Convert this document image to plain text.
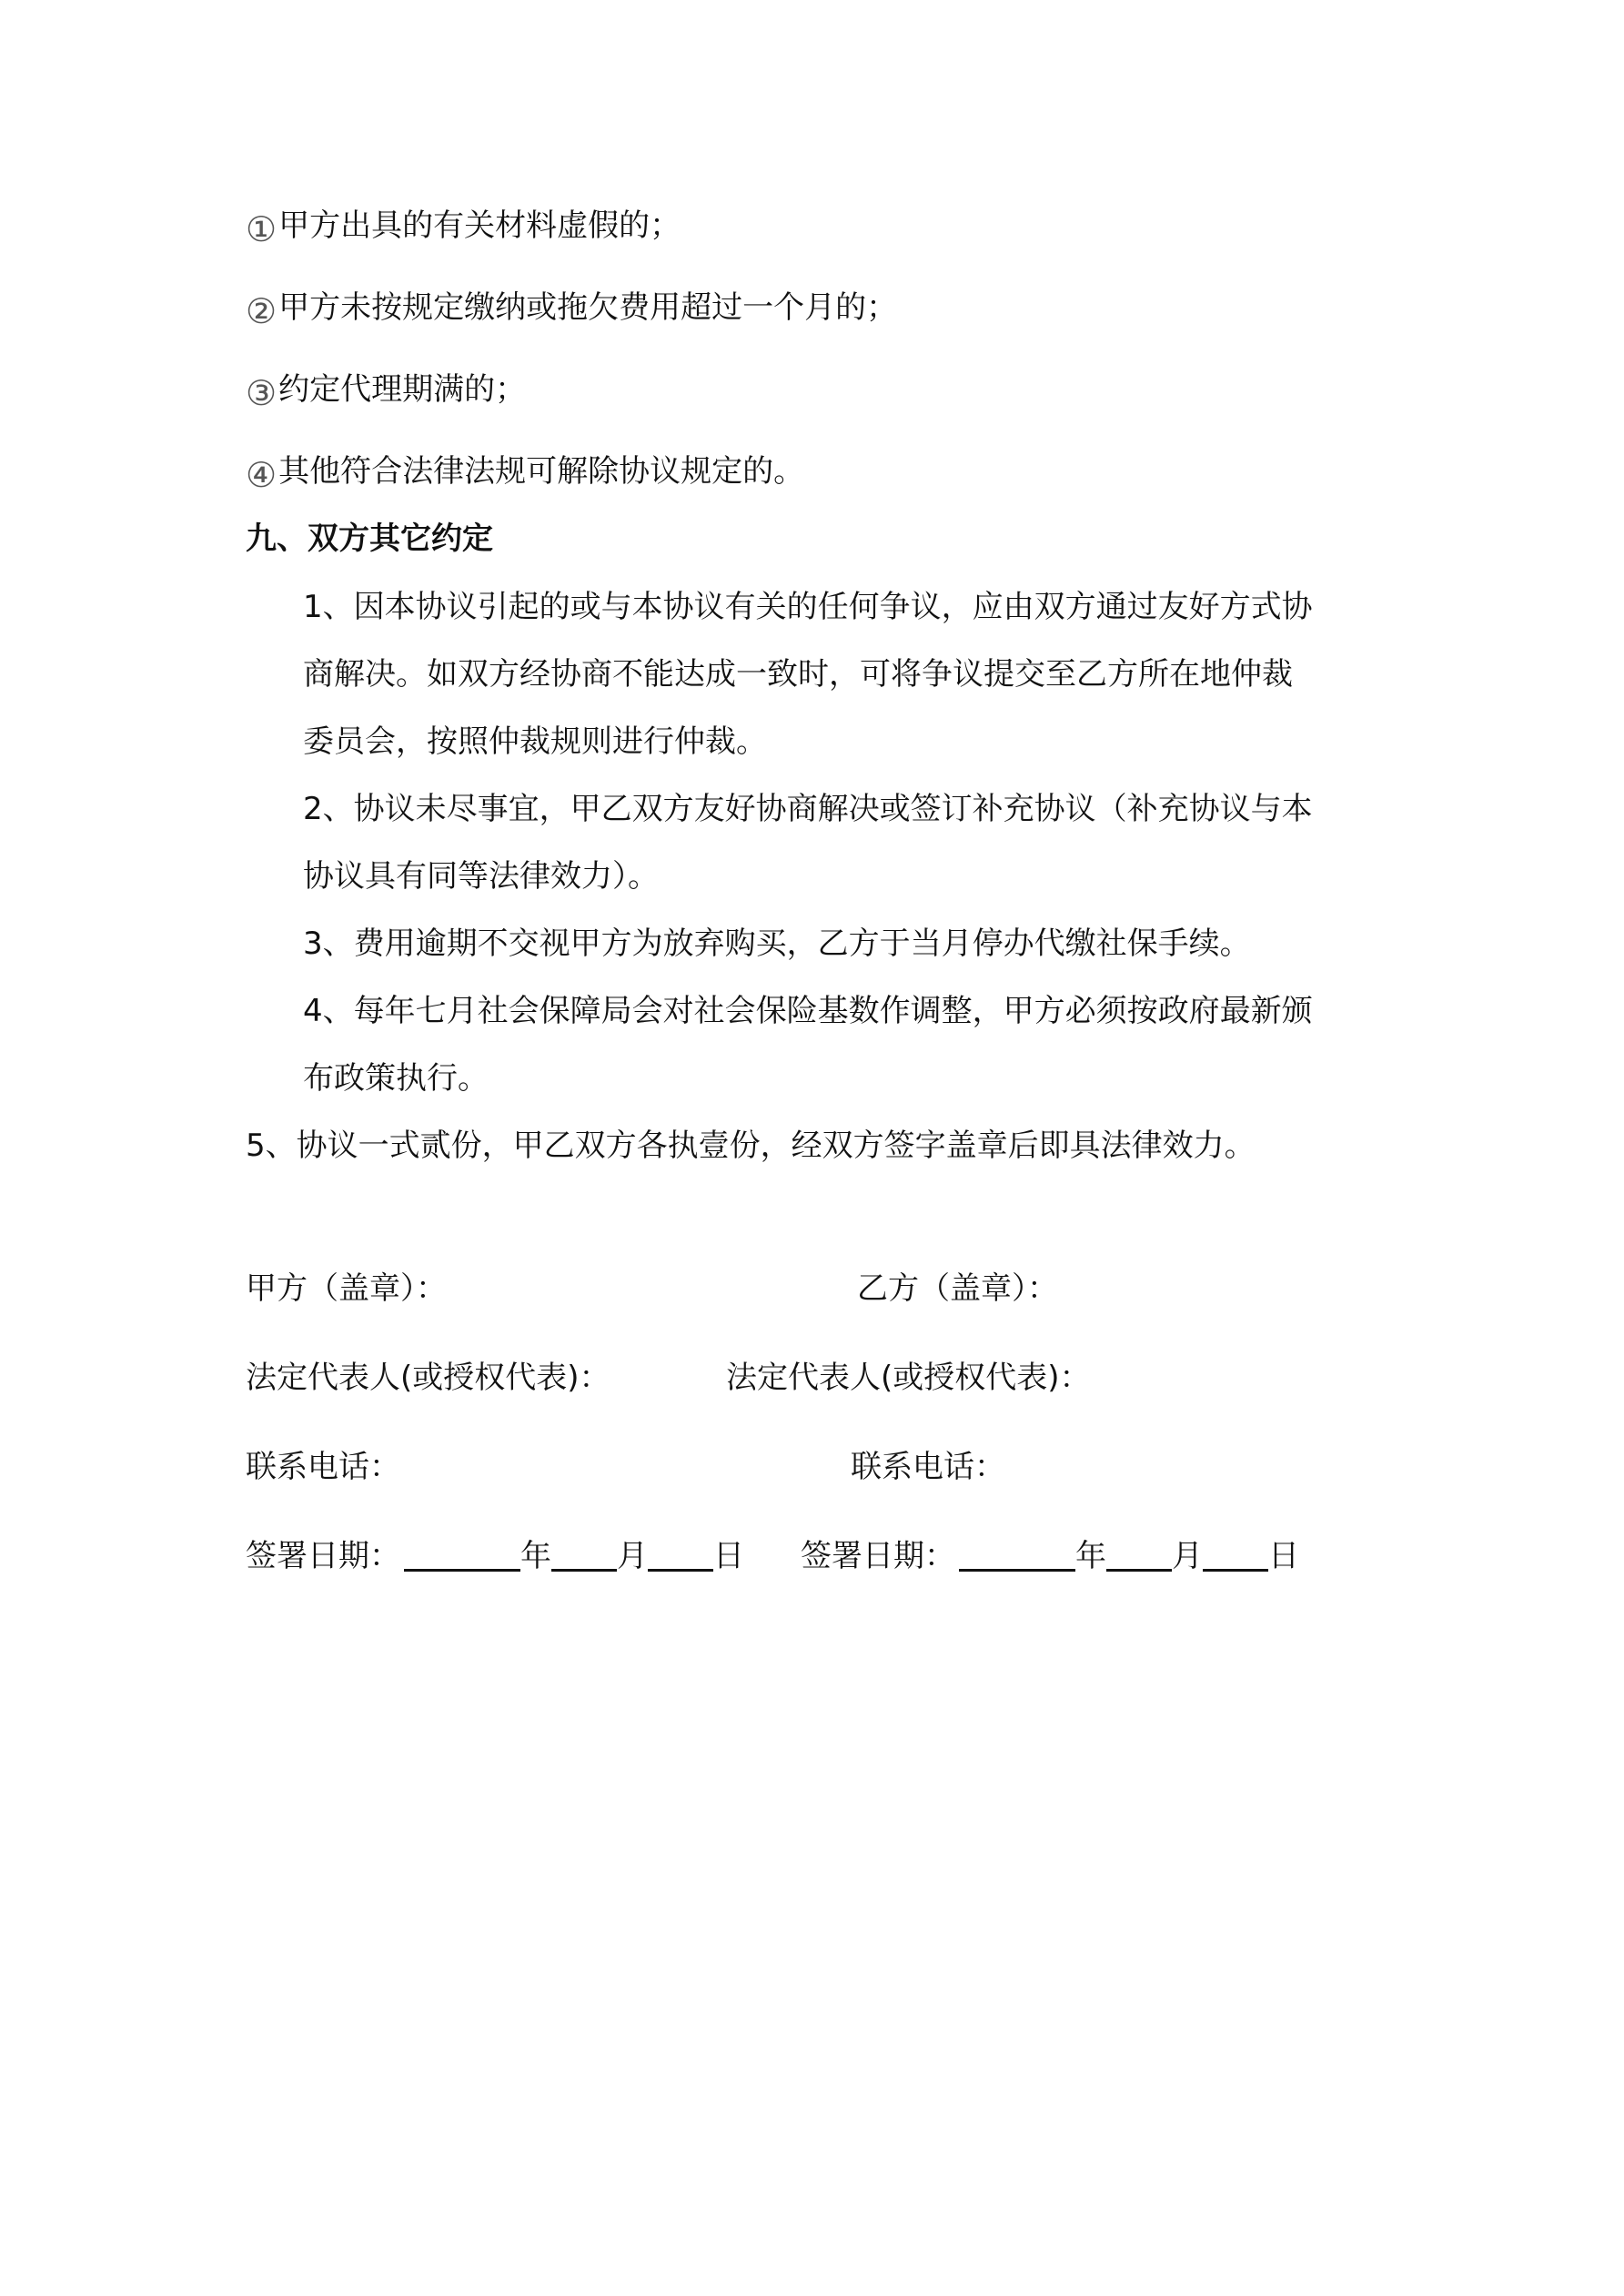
①甲方出具的有关材料虚假的；
②甲方未按规定缴纳或拖欠费用超过一个月的；
③约定代理期满的；
④其他符合法律法规可解除协议规定的。
九、双方其它约定
1、因本协议引起的或与本协议有关的任何争议，应由双方通过友好方式协
商解决。如双方经协商不能达成一致时，可将争议提交至乙方所在地仲裁
委员会，按照仲裁规则进行仲裁。
2、协议未尽事宜，甲乙双方友好协商解决或签订补充协议（补充协议与本
协议具有同等法律效力）。
3、费用逾期不交视甲方为放弃购买，乙方于当月停办代缴社保手续。
4、每年七月社会保障局会对社会保险基数作调整，甲方必须按政府最新颁
布政策执行。
5、协议一式贰份，甲乙双方各执壹份，经双方签字盖章后即具法律效力。
甲方（盖章）：	乙方（盖章）：
法定代表人(或授权代表)：	法定代表人(或授权代表)：
联系电话：	联系电话：
签署日期：	年 月 日 签署日期：	年 月 日
